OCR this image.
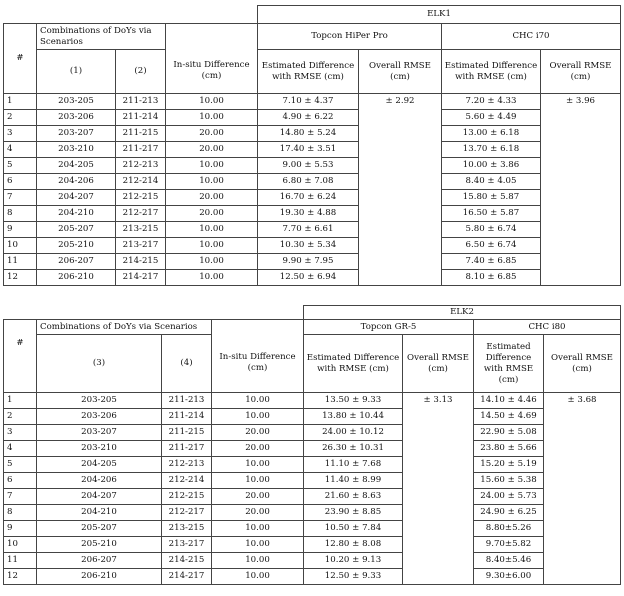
				ELK1			
	Combinations of DoYs via Scenarios			Topcon HiPer Pro		CHC i70	
#	(1)	(2)	In-situ Difference (cm)	Estimated Difference with RMSE (cm)	Overall RMSE (cm)	Estimated Difference with RMSE (cm)	Overall RMSE (cm)
1	203-205	211-213	10.00	7.10 ± 4.37	± 2.92	7.20 ± 4.33	± 3.96
2	203-206	211-214	10.00	4.90 ± 6.22		5.60 ± 4.49	
3	203-207	211-215	20.00	14.80 ± 5.24		13.00 ± 6.18	
4	203-210	211-217	20.00	17.40 ± 3.51		13.70 ± 6.18	
5	204-205	212-213	10.00	9.00 ± 5.53		10.00 ± 3.86	
6	204-206	212-214	10.00	6.80 ± 7.08		8.40 ± 4.05	
7	204-207	212-215	20.00	16.70 ± 6.24		15.80 ± 5.87	
8	204-210	212-217	20.00	19.30 ± 4.88		16.50 ± 5.87	
9	205-207	213-215	10.00	7.70 ± 6.61		5.80 ± 6.74	
10	205-210	213-217	10.00	10.30 ± 5.34		6.50 ± 6.74	
11	206-207	214-215	10.00	9.90 ± 7.95		7.40 ± 6.85	
12	206-210	214-217	10.00	12.50 ± 6.94		8.10 ± 6.85	
				ELK2			
	Combinations of DoYs via Scenarios			Topcon GR-5		CHC i80	
#	(3)	(4)	In-situ Difference (cm)	Estimated Difference with RMSE (cm)	Overall RMSE (cm)	Estimated Difference with RMSE (cm)	Overall RMSE (cm)
1	203-205	211-213	10.00	13.50 ± 9.33	± 3.13	14.10 ± 4.46	± 3.68
2	203-206	211-214	10.00	13.80 ± 10.44		14.50 ± 4.69	
3	203-207	211-215	20.00	24.00 ± 10.12		22.90 ± 5.08	
4	203-210	211-217	20.00	26.30 ± 10.31		23.80 ± 5.66	
5	204-205	212-213	10.00	11.10 ± 7.68		15.20 ± 5.19	
6	204-206	212-214	10.00	11.40 ± 8.99		15.60 ± 5.38	
7	204-207	212-215	20.00	21.60 ± 8.63		24.00 ± 5.73	
8	204-210	212-217	20.00	23.90 ± 8.85		24.90 ± 6.25	
9	205-207	213-215	10.00	10.50 ± 7.84		8.80±5.26	
10	205-210	213-217	10.00	12.80 ± 8.08		9.70±5.82	
11	206-207	214-215	10.00	10.20 ± 9.13		8.40±5.46	
12	206-210	214-217	10.00	12.50 ± 9.33		9.30±6.00	
